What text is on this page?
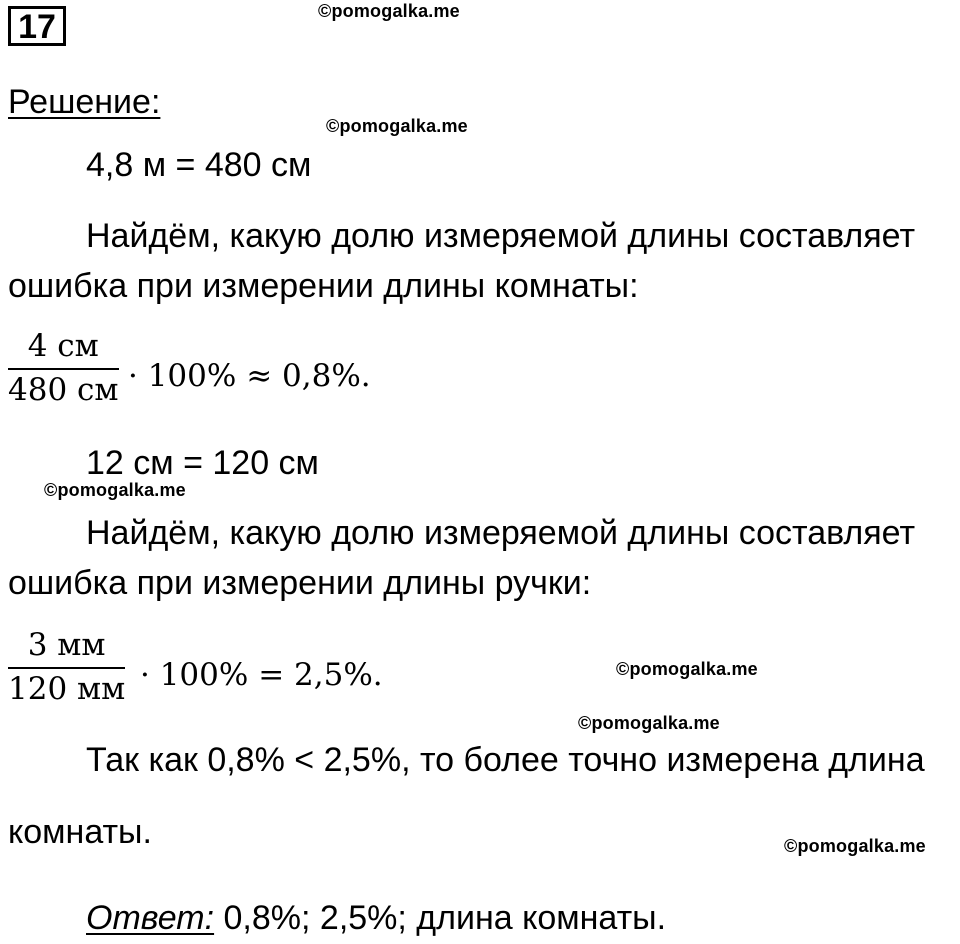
17	©pomogalka.me
©pomogalka.me
©pomogalka.me
©pomogalka.me
©pomogalka.me
©pomogalka.me
Решение:
4,8 м = 480 см
Найдём, какую долю измеряемой длины составляет
ошибка при измерении длины комнаты:
$\frac{4 см}{480 см} \cdot 100\% \approx 0,8\%$.
12 см = 120 см
Найдём, какую долю измеряемой длины составляет
ошибка при измерении длины ручки:
$\frac{3 мм}{120 мм} \cdot 100\% = 2,5\%$.
Так как 0,8% < 2,5%, то более точно измерена длина
комнаты.
Ответ: 0,8%; 2,5%; длина комнаты.
